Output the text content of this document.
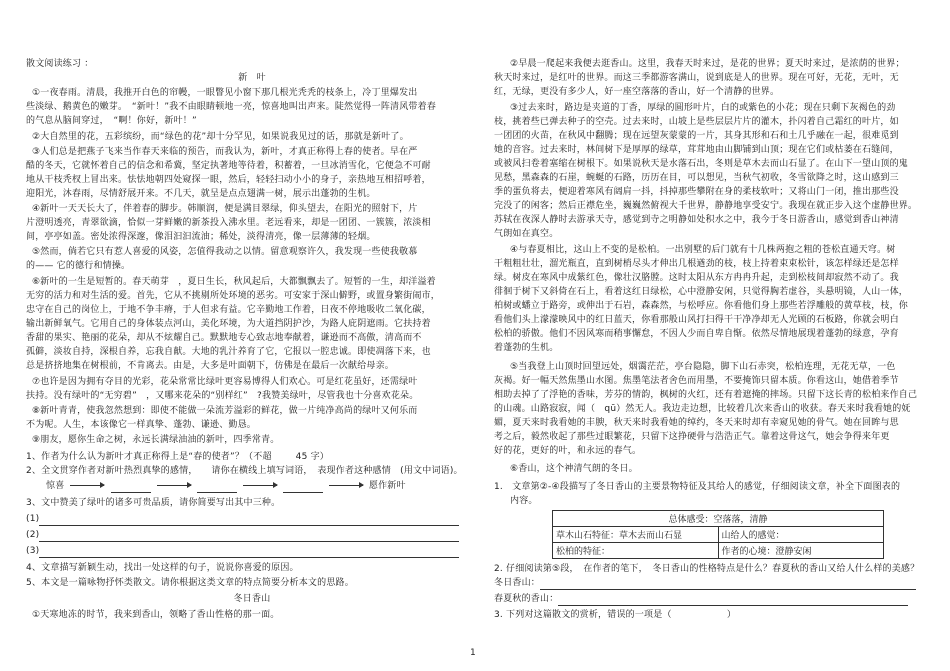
散文阅读练习 ：
新　叶
①一夜春雨。清晨，我推开白色的帘幔，一眼瞥见小窗下那几根光秃秃的枝条上，冷丁里爆发出
些淡绿、鹅黄色的嫩芽。　“新叶！”我不由眼睛顿地一亮，惊喜地叫出声来。陡然觉得一阵清风带着春
的气息从脑间穿过，　“啊！你好，新叶！”
②大自然里的花，五彩缤纷，而“绿色的花”却十分罕见，如果说我见过的话，那就是新叶了。
③人们总是把燕子飞来当作春天来临的预告，而我认为，新叶，才真正称得上春的使者。早在严
酷的冬天，它就怀着自己的信念和希冀，坚定执著地等待着，积蓄着，一旦冰消雪化，它便急不可耐
地从干枝秃杈上冒出来。怯怯地朝四处窥探一眼，然后，轻轻扫动小小的身子，亲热地互相招呼着，
迎阳光，沐春雨，尽情舒展开来。不几天，就呈是点点翅满一树，展示出蓬勃的生机。
④新叶一天天长大了，伴着春的脚步。韩顺润，便是满目翠绿，仰头望去，在阳光的照射下，片
片澄明透亮，青翠欲滴，恰似一芽鲜嫩的新茶投入沸水里。老远看来，却是一团团、一簇簇，浓淡相
间，亭亭如盖。密处浓得深邃，像泪汩汩流油；稀处，淡得清亮，像一层薄薄的轻烟。
⑤然而，倘若它只有惹人喜爱的风姿，怎值得我动之以情。留意观察许久，我发现一些使我敬慕
的—— 它的德行和情操。
⑥新叶的一生是短暂的。春天萌芽　，夏日生长，秋风起后，大都飘飘去了。短暂的一生，却洋溢着
无穷的活力和对生活的爱。首先，它从不挑剔所处环境的恶劣。可安家于深山僻野，或置身繁街闹市，
忠守在自己的岗位上，于地不争丰瘠，于人但求有益。它辛勤地工作着，日夜不停地吸收二氧化碳，
输出新鲜氧气。它用自己的身体装点河山，美化环境，为大道挡阴护沙，为路人庇阴遮雨。它扶持着
香甜的果实、艳丽的花朵，却从不炫耀自己。默默地专心致志地奉献着，谦逊而不高傲，清高而不
孤僻，淡妆自持，深根自养，忘我自献。大地的乳汁养育了它，它报以一腔忠诚。即使凋落下来，也
总是挤挤地集在树根前，不肯离去。由是，大多是叶面朝下，仿佛是在最后一次献给母亲。
⑦也许是因为拥有夺目的光彩，花朵常常比绿叶更容易博得人们欢心。可是红花虽好，还需绿叶
扶持。没有绿叶的“无穷碧”　，又哪来花朵的“别样红”　?我赞美绿叶，尽管我也十分喜欢花朵。
⑧新叶青青，使我忽然想到：即使不能做一朵流芳溢彩的鲜花，做一片纯净高尚的绿叶又何乐而
不为呢。人生，本该像它一样真挚、蓬勃、谦逊、勤恳。
⑨朋友，愿你生命之树，永远长满绿油油的新叶，四季常青。
1、作者为什么认为新叶才真正称得上是“春的使者”？（不超	45 字）
2、全文贯穿作者对新叶热烈真挚的感情，　　请你在横线上填写词语，　表现作者这种感情　(用文中词语)。
惊喜	愿作新叶
3、文中赞美了绿叶的诸多可贵品质，请你简要写出其中三种。
(1)
(2)
(3)
4、文章描写新颖生动，找出一处这样的句子，说说你喜爱的原因。
5、本文是一篇咏物抒怀类散文。请你根据这类文章的特点简要分析本文的思路。
冬日香山
①天寒地冻的时节，我来到香山，领略了香山性格的那一面。
②早晨一爬起来我便去逛香山。这里，我春天时来过，是花的世界；夏天时来过，是浓荫的世界；
秋天时来过，是红叶的世界。而这三季都游客满山，说到底是人的世界。现在可好，无花，无叶，无
红，无绿，更没有多少人，好一座空落落的香山，好一个清静的世界。
③过去来时，路边是夹道的丁香，厚绿的圆形叶片，白的或紫色的小花；现在只剩下灰褐色的劲
枝，挑着些已弹去种子的空壳。过去来时，山坡上是些层层片片的灌木，扑闪着自己霜红的叶片，如
一团团的火苗，在秋风中翻腾；现在远望灰蒙蒙的一片，其身其形和石和土几乎融在一起，很难觅到
她的音容。过去来时，林间树下是厚厚的绿草，茸茸地由山脚铺到山顶；现在它们或枯萎在石缝间，
或被风扫卷着塞缩在树根下。如果说秋天是水落石出，冬则是草木去而山石显了。在山下一望山顶的鬼
见愁，黑森森的石崖，蜿蜒的石路，历历在目，可以想见，当秋气初收，冬雪欲降之时，这山感到三
季的蛋负将去，便迎着寒风有阔肩一抖，抖掉那些攀附在身的柔枝软叶；又将山门一闭，推出那些没
完没了的闲客；然后正襟危坐，巍巍然俯视大千世界，静静地享受安宁。我现在就正步入这个虚静世界。
苏轼在夜深人静时去游承天寺，感觉到寺之明静如处积水之中，我今于冬日游香山，感觉到香山神清
气朗如在真空。
④与春夏相比，这山上不变的是松柏。一出别墅的后门就有十几株两抱之粗的苍松直通天穹。树
干粗粗壮壮，溜光瓶直，直到树梢尽头才伸出几根遒劲的枝，枝上持着束束松针，该怎样绿还是怎样
绿。树皮在寒风中成紫红色，像壮汉胳膛。这时太阳从东方冉冉升起，走到松枝间却寂然不动了。我
徘徊于树下又斜倚在石上，看着这红日绿松，心中澄静安闲，只觉得胸若虚谷，头悬明镜，人山一体，
柏树或蟠立于路旁，或伸出于石岩，森森然，与松呼应。你看他们身上那些若浮雕般的黄草枝，枝，你
看他们头上濛濛映风中的红日蓝天，你看那般山风打扫得干干净净却无人光顾的石板路，你就会明白
松柏的骄傲。他们不因风寒而稍事懈怠，不因人少而自卑自惭。依然尽情地展现着蓬勃的绿意，孕育
着蓬勃的生机。
⑤当我登上山顶时回望远处，烟霭茫茫，亭台隐隐，脚下山石赤突，松柏连理，无花无草，一色
灰褐。好一幅天然焦墨山水图。焦墨笔法者舍色而用墨，不要掩饰只留本质。你看这山，她借着季节
相助去掉了了浮艳的香味，芳芬的情韵，枫树的火红，还有着遮掩的摔场。只留下这长青的松柏来作自己
的山魂。山路寂寂，闻（　qū）然无人。我边走边想，比较着几次来香山的收获。春天来时我看她的妩
媚，夏天来时我看她的丰腴，秋天来时我看她的绰约，冬天来时却有幸窥见她的骨气。她在回眸与思
考之后，毅然收起了那些过眼繁花，只留下这挣硬骨与浩浩正气。靠着这骨这气，她会争得来年更
好的花，更好的叶，和永远的春气。
⑥香山，这个神清气朗的冬日。
1.　文章第②-④段描写了冬日香山的主要景物特征及其给人的感觉，仔细阅读文章，补全下面图表的
内容。
总体感受：空落落，清静	
草木山石特征：草木去而山石显	山给人的感觉：
松柏的特征：	作者的心境：澄静安闲
2. 仔细阅读第⑤段，　在作者的笔下，　冬日香山的性格特点是什么？春夏秋的香山又给人什么样的美感？
冬日香山：
春夏秋的香山：
3. 下列对这篇散文的赏析，错误的一项是（　　　　　　）
1
